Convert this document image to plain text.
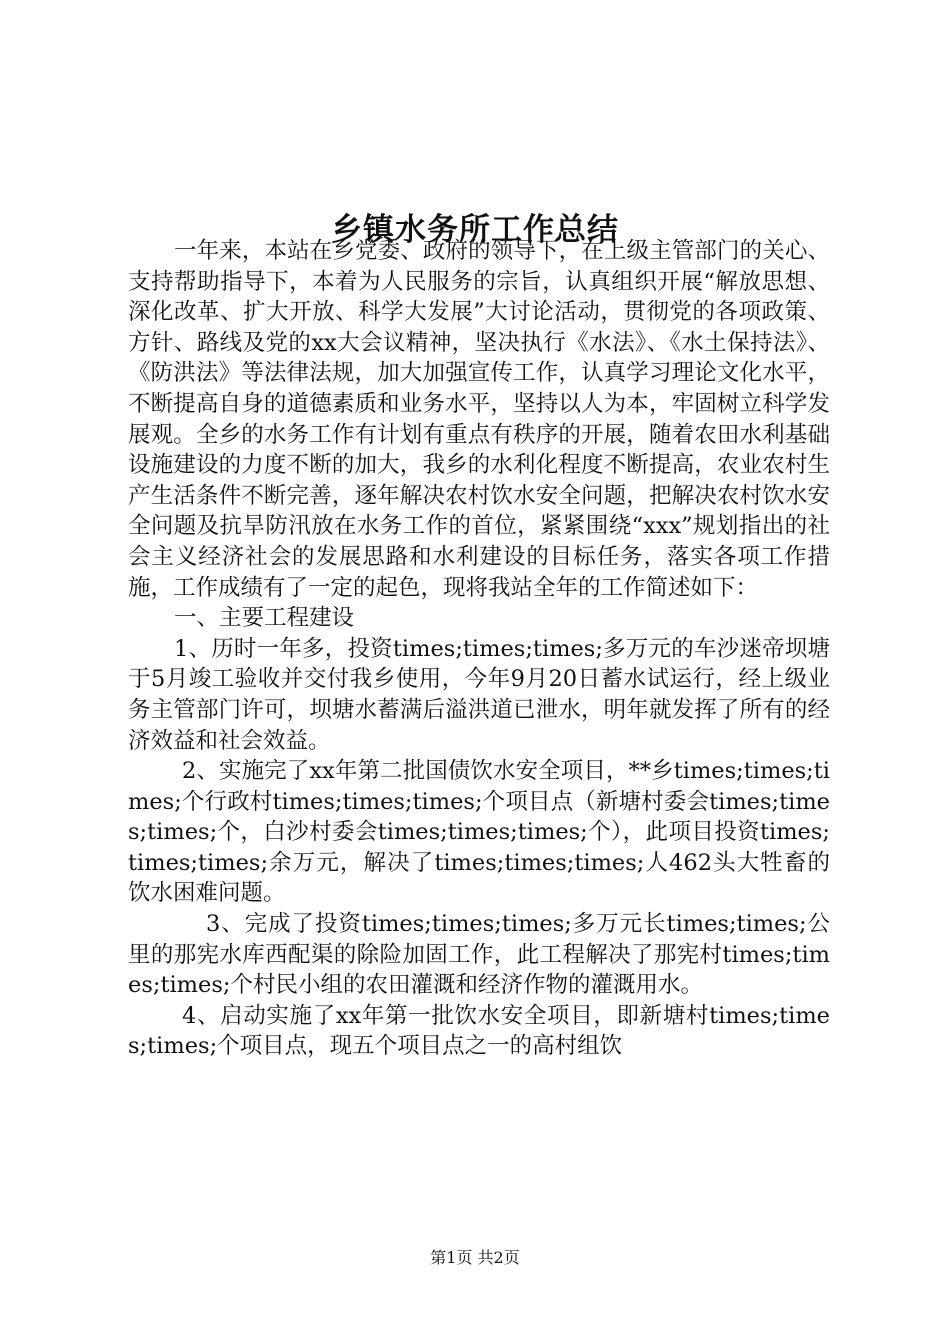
乡镇水务所工作总结

一年来，本站在乡党委、政府的领导下，在上级主管部门的关心、支持帮助指导下，本着为人民服务的宗旨，认真组织开展“解放思想、深化改革、扩大开放、科学大发展”大讨论活动，贯彻党的各项政策、方针、路线及党的xx大会议精神，坚决执行《水法》、《水土保持法》、《防洪法》等法律法规，加大加强宣传工作，认真学习理论文化水平，不断提高自身的道德素质和业务水平，坚持以人为本，牢固树立科学发展观。全乡的水务工作有计划有重点有秩序的开展，随着农田水利基础设施建设的力度不断的加大，我乡的水利化程度不断提高，农业农村生产生活条件不断完善，逐年解决农村饮水安全问题，把解决农村饮水安全问题及抗旱防汛放在水务工作的首位，紧紧围绕“xxx”规划指出的社会主义经济社会的发展思路和水利建设的目标任务，落实各项工作措施，工作成绩有了一定的起色，现将我站全年的工作简述如下：

一、主要工程建设

1、历时一年多，投资times;times;times;多万元的车沙迷帝坝塘于5月竣工验收并交付我乡使用，今年9月20日蓄水试运行，经上级业务主管部门许可，坝塘水蓄满后溢洪道已泄水，明年就发挥了所有的经济效益和社会效益。

2、实施完了xx年第二批国债饮水安全项目，**乡times;times;times;个行政村times;times;times;个项目点（新塘村委会times;times;times;个，白沙村委会times;times;times;个），此项目投资times;times;times;余万元，解决了times;times;times;人462头大牲畜的饮水困难问题。

3、完成了投资times;times;times;多万元长times;times;公里的那宪水库西配渠的除险加固工作，此工程解决了那宪村times;times;times;个村民小组的农田灌溉和经济作物的灌溉用水。

4、启动实施了xx年第一批饮水安全项目，即新塘村times;times;times;个项目点，现五个项目点之一的高村组饮

第1页 共2页
